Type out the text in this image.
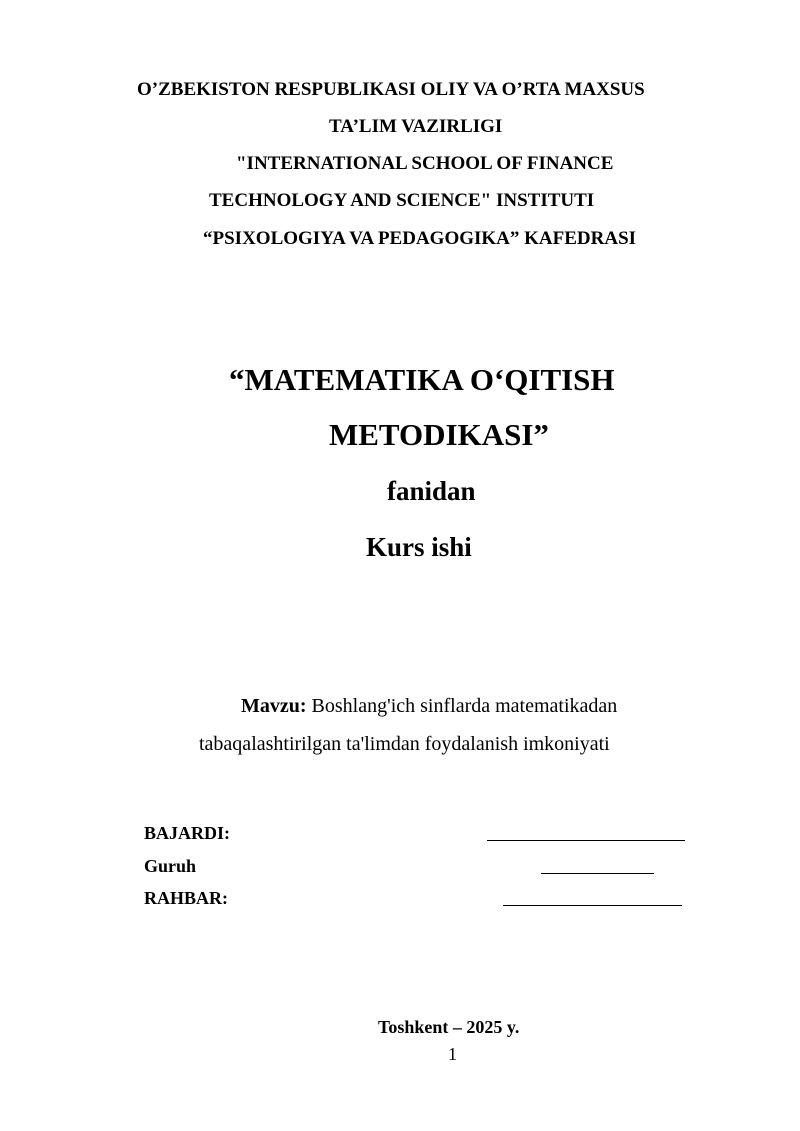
O’ZBEKISTON RESPUBLIKASI OLIY VA O’RTA MAXSUS
TA’LIM VAZIRLIGI
"INTERNATIONAL SCHOOL OF FINANCE
TECHNOLOGY AND SCIENCE" INSTITUTI
“PSIXOLOGIYA VA PEDAGOGIKA” KAFEDRASI
“MATEMATIKA O‘QITISH
METODIKASI”
fanidan
Kurs ishi
Mavzu: Boshlang'ich sinflarda matematikadan
tabaqalashtirilgan ta'limdan foydalanish imkoniyati
BAJARDI:
Guruh
RAHBAR:
Toshkent – 2025 y.
1
